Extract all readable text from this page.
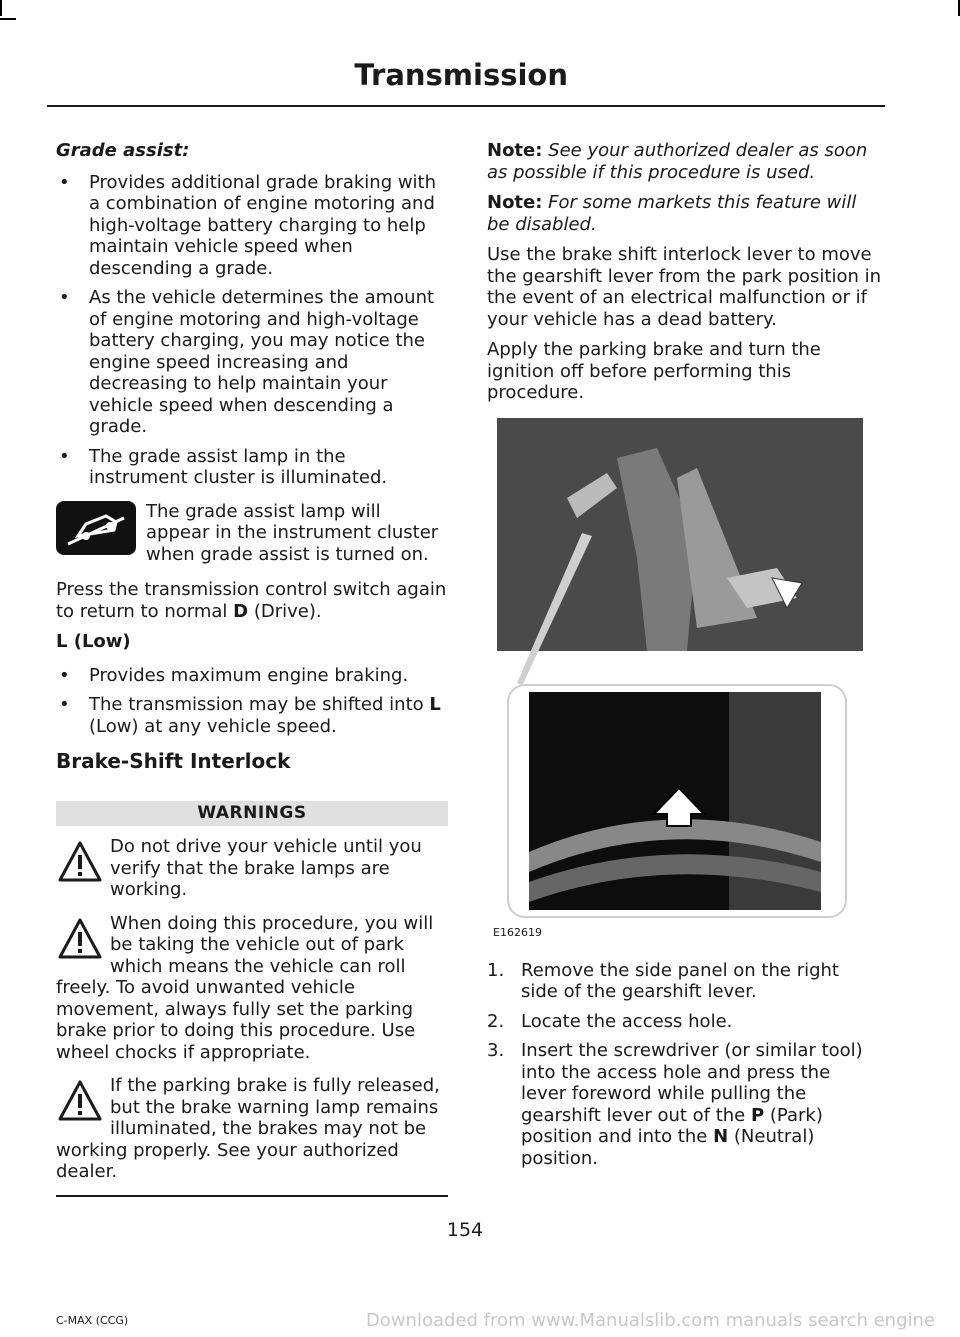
Transmission
Grade assist:
• Provides additional grade braking with a combination of engine motoring and high-voltage battery charging to help maintain vehicle speed when descending a grade.
• As the vehicle determines the amount of engine motoring and high-voltage battery charging, you may notice the engine speed increasing and decreasing to help maintain your vehicle speed when descending a grade.
• The grade assist lamp in the instrument cluster is illuminated.
The grade assist lamp will appear in the instrument cluster when grade assist is turned on.

Press the transmission control switch again to return to normal D (Drive).

L (Low)
• Provides maximum engine braking.
• The transmission may be shifted into L (Low) at any vehicle speed.
Brake-Shift Interlock
WARNINGS
Do not drive your vehicle until you verify that the brake lamps are working.
When doing this procedure, you will be taking the vehicle out of park which means the vehicle can roll freely. To avoid unwanted vehicle movement, always fully set the parking brake prior to doing this procedure. Use wheel chocks if appropriate.
If the parking brake is fully released, but the brake warning lamp remains illuminated, the brakes may not be working properly. See your authorized dealer.

Note: See your authorized dealer as soon as possible if this procedure is used.

Note: For some markets this feature will be disabled.

Use the brake shift interlock lever to move the gearshift lever from the park position in the event of an electrical malfunction or if your vehicle has a dead battery.

Apply the parking brake and turn the ignition off before performing this procedure.

E162619
1. Remove the side panel on the right side of the gearshift lever.
2. Locate the access hole.
3. Insert the screwdriver (or similar tool) into the access hole and press the lever foreword while pulling the gearshift lever out of the P (Park) position and into the N (Neutral) position.
154
C-MAX (CCG)	Downloaded from www.Manualslib.com manuals search engine
